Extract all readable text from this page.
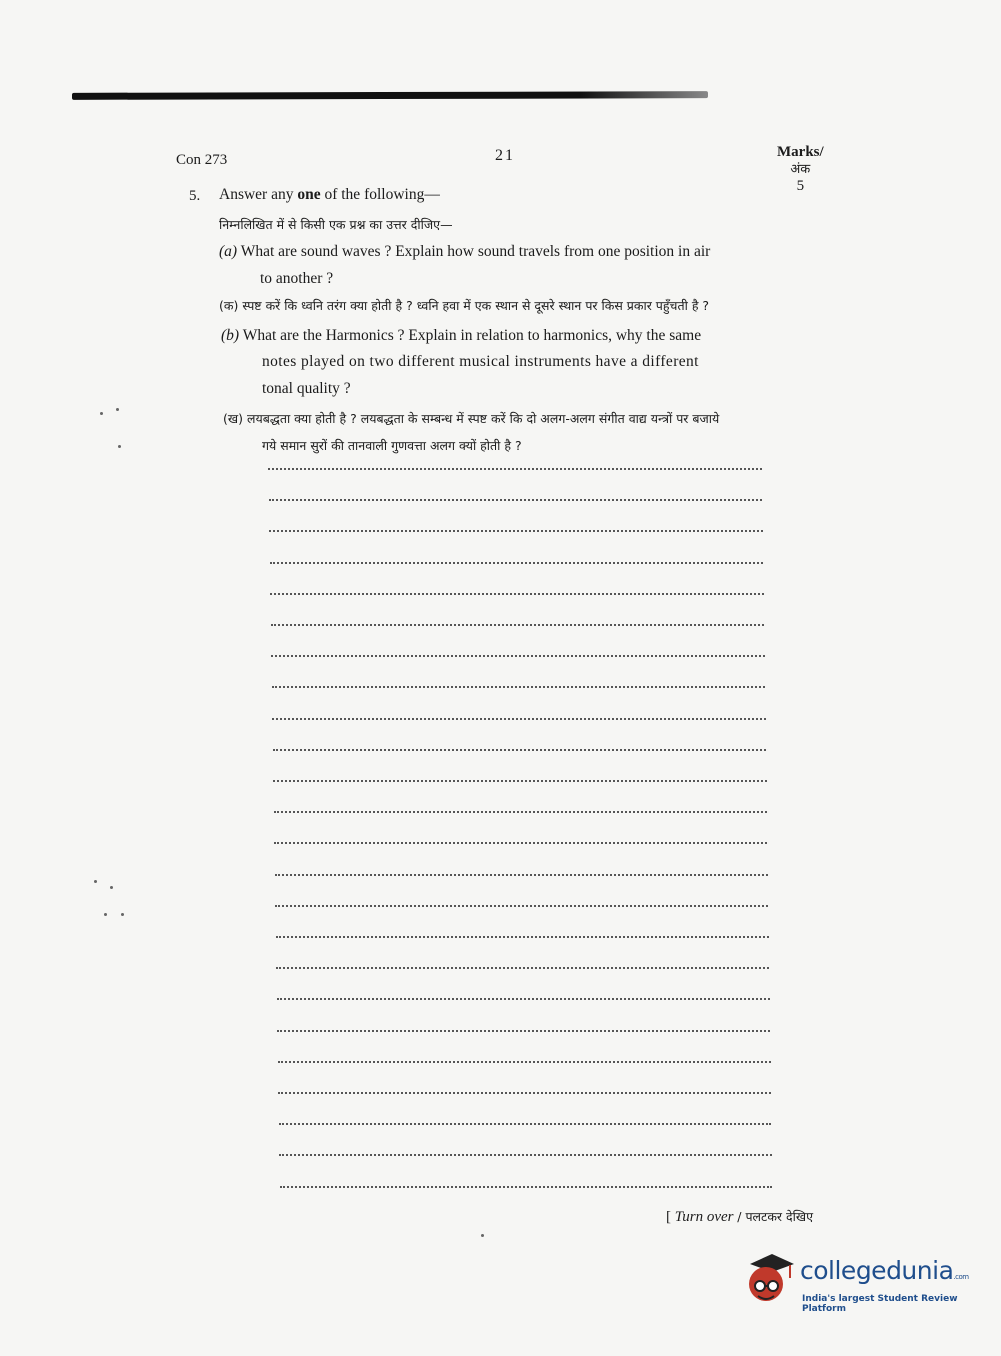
Con 273	21	Marks/
अंक
5
5. Answer any one of the following—
निम्नलिखित में से किसी एक प्रश्न का उत्तर दीजिए—
(a) What are sound waves ? Explain how sound travels from one position in air
to another ?
(क) स्पष्ट करें कि ध्वनि तरंग क्या होती है ? ध्वनि हवा में एक स्थान से दूसरे स्थान पर किस प्रकार पहुँचती है ?
(b) What are the Harmonics ? Explain in relation to harmonics, why the same
notes played on two different musical instruments have a different
tonal quality ?
(ख) लयबद्धता क्या होती है ? लयबद्धता के सम्बन्ध में स्पष्ट करें कि दो अलग-अलग संगीत वाद्य यन्त्रों पर बजाये
गये समान सुरों की तानवाली गुणवत्ता अलग क्यों होती है ?
[ Turn over / पलटकर देखिए
collegedunia.com
India's largest Student Review Platform
